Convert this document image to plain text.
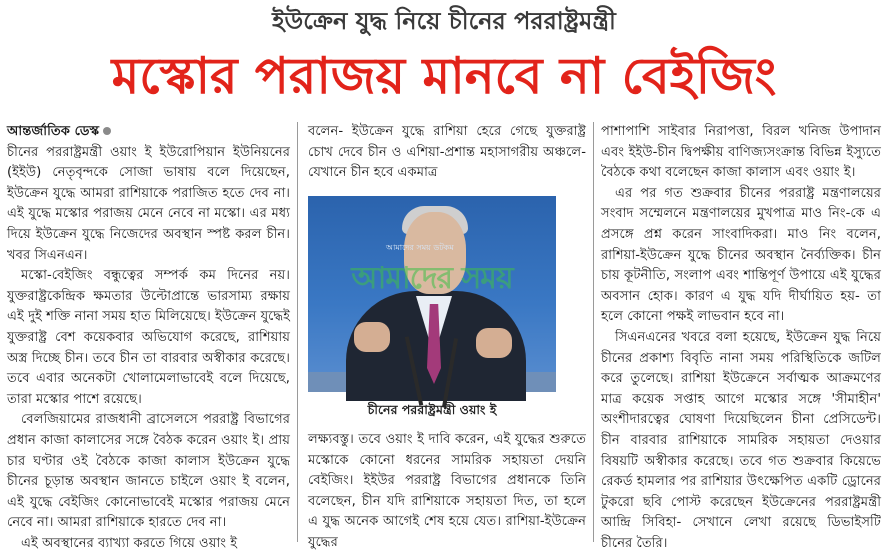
ইউক্রেন যুদ্ধ নিয়ে চীনের পররাষ্ট্রমন্ত্রী
মস্কোর পরাজয় মানবে না বেইজিং

আন্তর্জাতিক ডেস্ক
চীনের পররাষ্ট্রমন্ত্রী ওয়াং ই ইউরোপিয়ান ইউনিয়নের (ইইউ) নেতৃবৃন্দকে সোজা ভাষায় বলে দিয়েছেন, ইউক্রেন যুদ্ধে আমরা রাশিয়াকে পরাজিত হতে দেব না। এই যুদ্ধে মস্কোর পরাজয় মেনে নেবে না মস্কো। এর মধ্য দিয়ে ইউক্রেন যুদ্ধে নিজেদের অবস্থান স্পষ্ট করল চীন। খবর সিএনএন।

মস্কো-বেইজিং বন্ধুত্বের সম্পর্ক কম দিনের নয়। যুক্তরাষ্ট্রকেন্দ্রিক ক্ষমতার উল্টোপ্রান্তে ভারসাম্য রক্ষায় এই দুই শক্তি নানা সময় হাত মিলিয়েছে। ইউক্রেন যুদ্ধেই যুক্তরাষ্ট্র বেশ কয়েকবার অভিযোগ করেছে, রাশিয়ায় অস্ত্র দিচ্ছে চীন। তবে চীন তা বারবার অস্বীকার করেছে। তবে এবার অনেকটা খোলামেলাভাবেই বলে দিয়েছে, তারা মস্কোর পাশে রয়েছে।

বেলজিয়ামের রাজধানী ব্রাসেলসে পররাষ্ট্র বিভাগের প্রধান কাজা কালাসের সঙ্গে বৈঠক করেন ওয়াং ই। প্রায় চার ঘণ্টার ওই বৈঠকে কাজা কালাস ইউক্রেন যুদ্ধে চীনের চূড়ান্ত অবস্থান জানতে চাইলে ওয়াং ই বলেন, এই যুদ্ধে বেইজিং কোনোভাবেই মস্কোর পরাজয় মেনে নেবে না। আমরা রাশিয়াকে হারতে দেব না।

এই অবস্থানের ব্যাখ্যা করতে গিয়ে ওয়াং ই

বলেন- ইউক্রেন যুদ্ধে রাশিয়া হেরে গেছে যুক্তরাষ্ট্র চোখ দেবে চীন ও এশিয়া-প্রশান্ত মহাসাগরীয় অঞ্চলে- যেখানে চীন হবে একমাত্র
আমাদের সময় ডটকম
আমাদের সময়
চীনের পররাষ্ট্রমন্ত্রী ওয়াং ই
লক্ষ্যবস্তু। তবে ওয়াং ই দাবি করেন, এই যুদ্ধের শুরুতে মস্কোকে কোনো ধরনের সামরিক সহায়তা দেয়নি বেইজিং। ইইউর পররাষ্ট্র বিভাগের প্রধানকে তিনি বলেছেন, চীন যদি রাশিয়াকে সহায়তা দিত, তা হলে এ যুদ্ধ অনেক আগেই শেষ হয়ে যেত। রাশিয়া-ইউক্রেন যুদ্ধের

পাশাপাশি সাইবার নিরাপত্তা, বিরল খনিজ উপাদান এবং ইইউ-চীন দ্বিপক্ষীয় বাণিজ্যসংক্রান্ত বিভিন্ন ইস্যুতে বৈঠকে কথা বলেছেন কাজা কালাস এবং ওয়াং ই।

এর পর গত শুক্রবার চীনের পররাষ্ট্র মন্ত্রণালয়ের সংবাদ সম্মেলনে মন্ত্রণালয়ের মুখপাত্র মাও নিং-কে এ প্রসঙ্গে প্রশ্ন করেন সাংবাদিকরা। মাও নিং বলেন, রাশিয়া-ইউক্রেন যুদ্ধে চীনের অবস্থান নৈর্ব্যক্তিক। চীন চায় কূটনীতি, সংলাপ এবং শান্তিপূর্ণ উপায়ে এই যুদ্ধের অবসান হোক। কারণ এ যুদ্ধ যদি দীর্ঘায়িত হয়- তা হলে কোনো পক্ষই লাভবান হবে না।

সিএনএনের খবরে বলা হয়েছে, ইউক্রেন যুদ্ধ নিয়ে চীনের প্রকাশ্য বিবৃতি নানা সময় পরিস্থিতিকে জটিল করে তুলেছে। রাশিয়া ইউক্রেনে সর্বাত্মক আক্রমণের মাত্র কয়েক সপ্তাহ আগে মস্কোর সঙ্গে 'সীমাহীন' অংশীদারত্বের ঘোষণা দিয়েছিলেন চীনা প্রেসিডেন্ট। চীন বারবার রাশিয়াকে সামরিক সহায়তা দেওয়ার বিষয়টি অস্বীকার করেছে। তবে গত শুক্রবার কিয়েভে রেকর্ড হামলার পর রাশিয়ার উৎক্ষেপিত একটি ড্রোনের টুকরো ছবি পোস্ট করেছেন ইউক্রেনের পররাষ্ট্রমন্ত্রী আন্দ্রি সিবিহা- সেখানে লেখা রয়েছে ডিভাইসটি চীনের তৈরি।
